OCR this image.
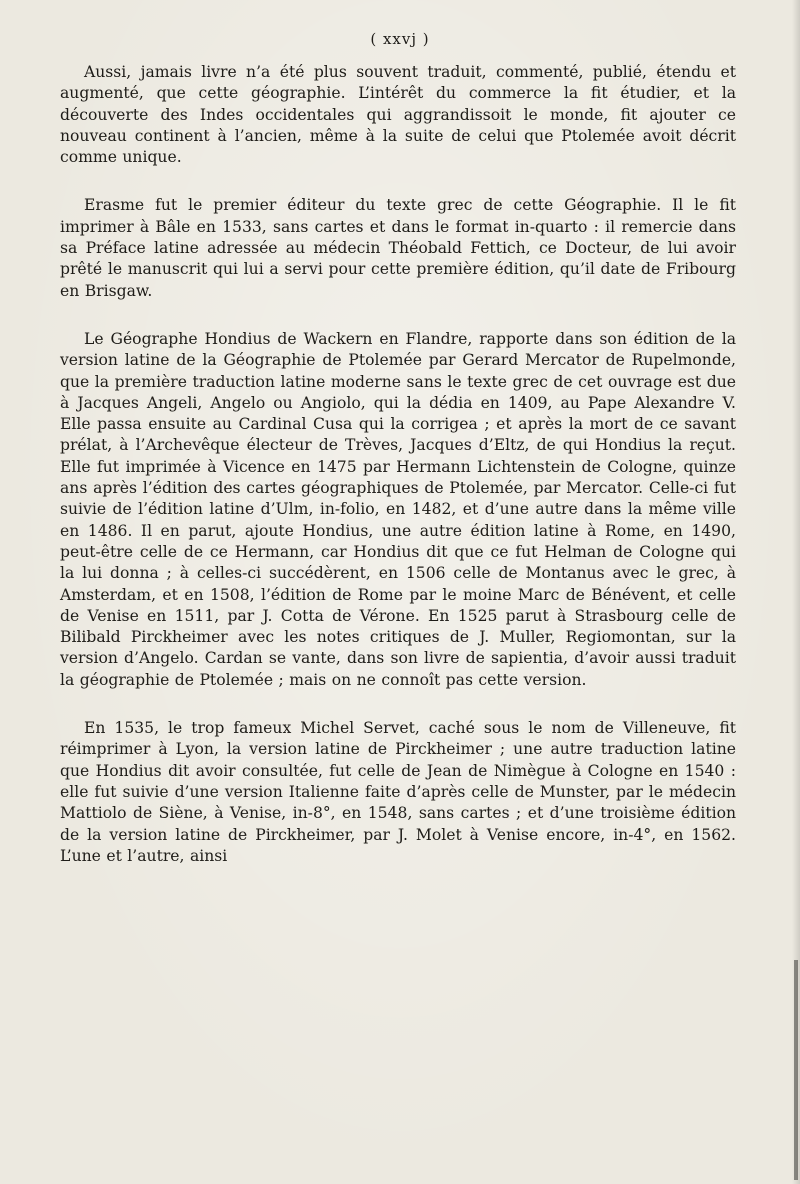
( xxvj )

Aussi, jamais livre n’a été plus souvent traduit, commenté, publié, étendu et augmenté, que cette géographie. L’intérêt du commerce la fit étudier, et la découverte des Indes occidentales qui aggrandissoit le monde, fit ajouter ce nouveau continent à l’ancien, même à la suite de celui que Ptolemée avoit décrit comme unique.

Erasme fut le premier éditeur du texte grec de cette Géographie. Il le fit imprimer à Bâle en 1533, sans cartes et dans le format in-quarto : il remercie dans sa Préface latine adressée au médecin Théobald Fettich, ce Docteur, de lui avoir prêté le manuscrit qui lui a servi pour cette première édition, qu’il date de Fribourg en Brisgaw.

Le Géographe Hondius de Wackern en Flandre, rapporte dans son édition de la version latine de la Géographie de Ptolemée par Gerard Mercator de Rupelmonde, que la première traduction latine moderne sans le texte grec de cet ouvrage est due à Jacques Angeli, Angelo ou Angiolo, qui la dédia en 1409, au Pape Alexandre V. Elle passa ensuite au Cardinal Cusa qui la corrigea ; et après la mort de ce savant prélat, à l’Archevêque électeur de Trèves, Jacques d’Eltz, de qui Hondius la reçut. Elle fut imprimée à Vicence en 1475 par Hermann Lichtenstein de Cologne, quinze ans après l’édition des cartes géographiques de Ptolemée, par Mercator. Celle-ci fut suivie de l’édition latine d’Ulm, in-folio, en 1482, et d’une autre dans la même ville en 1486. Il en parut, ajoute Hondius, une autre édition latine à Rome, en 1490, peut-être celle de ce Hermann, car Hondius dit que ce fut Helman de Cologne qui la lui donna ; à celles-ci succédèrent, en 1506 celle de Montanus avec le grec, à Amsterdam, et en 1508, l’édition de Rome par le moine Marc de Bénévent, et celle de Venise en 1511, par J. Cotta de Vérone. En 1525 parut à Strasbourg celle de Bilibald Pirckheimer avec les notes critiques de J. Muller, Regiomontan, sur la version d’Angelo. Cardan se vante, dans son livre de sapientia, d’avoir aussi traduit la géographie de Ptolemée ; mais on ne connoît pas cette version.

En 1535, le trop fameux Michel Servet, caché sous le nom de Villeneuve, fit réimprimer à Lyon, la version latine de Pirckheimer ; une autre traduction latine que Hondius dit avoir consultée, fut celle de Jean de Nimègue à Cologne en 1540 : elle fut suivie d’une version Italienne faite d’après celle de Munster, par le médecin Mattiolo de Siène, à Venise, in-8°, en 1548, sans cartes ; et d’une troisième édition de la version latine de Pirckheimer, par J. Molet à Venise encore, in-4°, en 1562. L’une et l’autre, ainsi
